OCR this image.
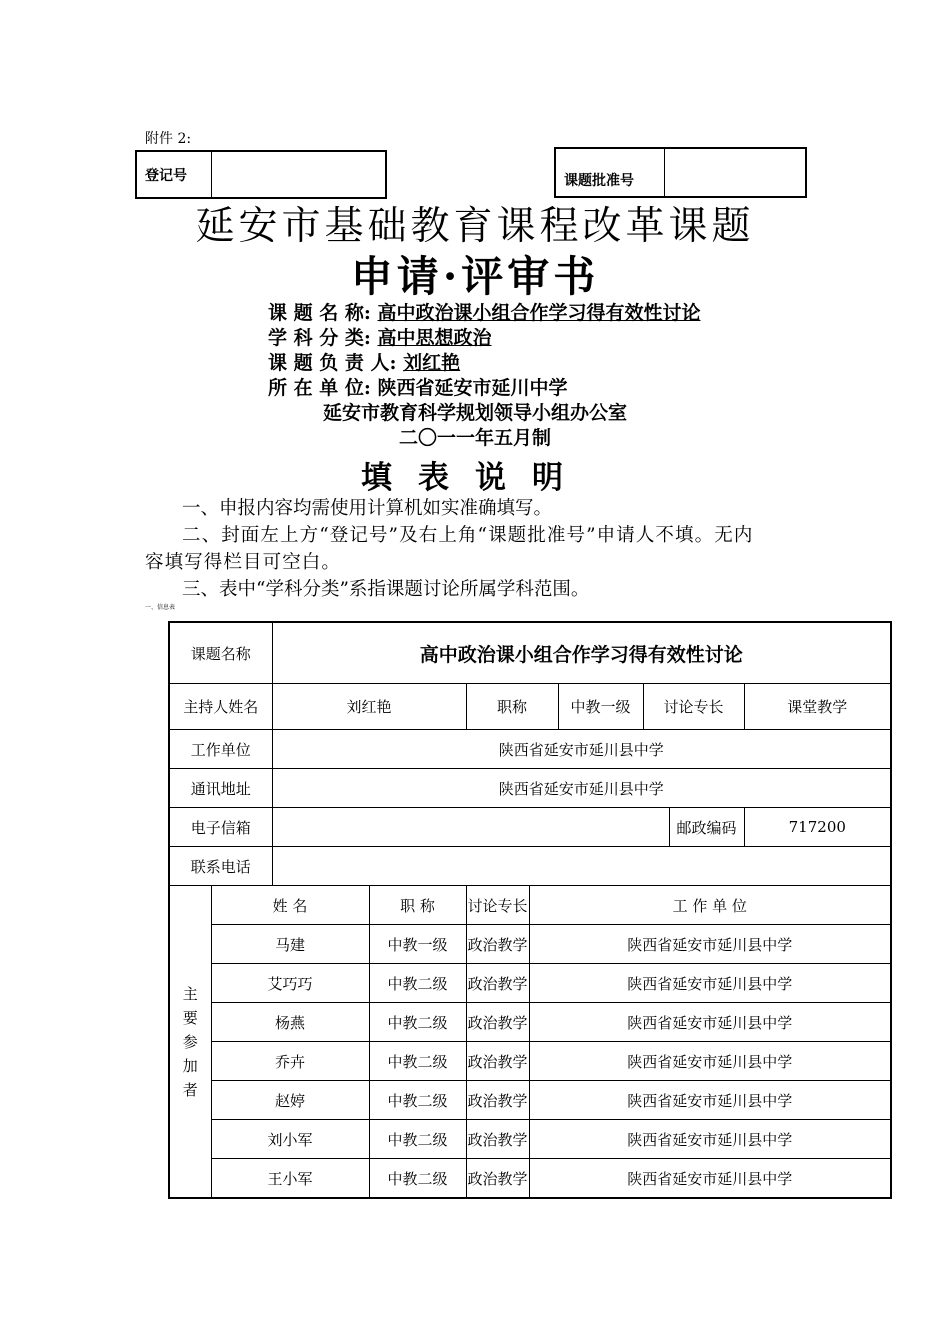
附件 2:
登记号	课题批准号
延安市基础教育课程改革课题
申请·评审书
课 题 名 称: 高中政治课小组合作学习得有效性讨论
学 科 分 类: 高中思想政治
课 题 负 责 人: 刘红艳
所 在 单 位: 陕西省延安市延川中学
延安市教育科学规划领导小组办公室
二〇一一年五月制
填表说明
一、申报内容均需使用计算机如实准确填写。
二、封面左上方“登记号”及右上角“课题批准号”申请人不填。无内容填写得栏目可空白。
三、表中“学科分类”系指课题讨论所属学科范围。
一、信息表
课题名称		高中政治课小组合作学习得有效性讨论							
主持人姓名		刘红艳		职称		中教一级	讨论专长		课堂教学
工作单位		陕西省延安市延川县中学							
通讯地址		陕西省延安市延川县中学							
电子信箱								邮政编码	717200
联系电话									
主
要
参
加
者	姓 名		职 称	讨论专长	工 作 单 位				
	马建		中教一级	政治教学	陕西省延安市延川县中学				
	艾巧巧		中教二级	政治教学	陕西省延安市延川县中学				
	杨燕		中教二级	政治教学	陕西省延安市延川县中学				
	乔卉		中教二级	政治教学	陕西省延安市延川县中学				
	赵婷		中教二级	政治教学	陕西省延安市延川县中学				
	刘小军		中教二级	政治教学	陕西省延安市延川县中学				
	王小军		中教二级	政治教学	陕西省延安市延川县中学				
